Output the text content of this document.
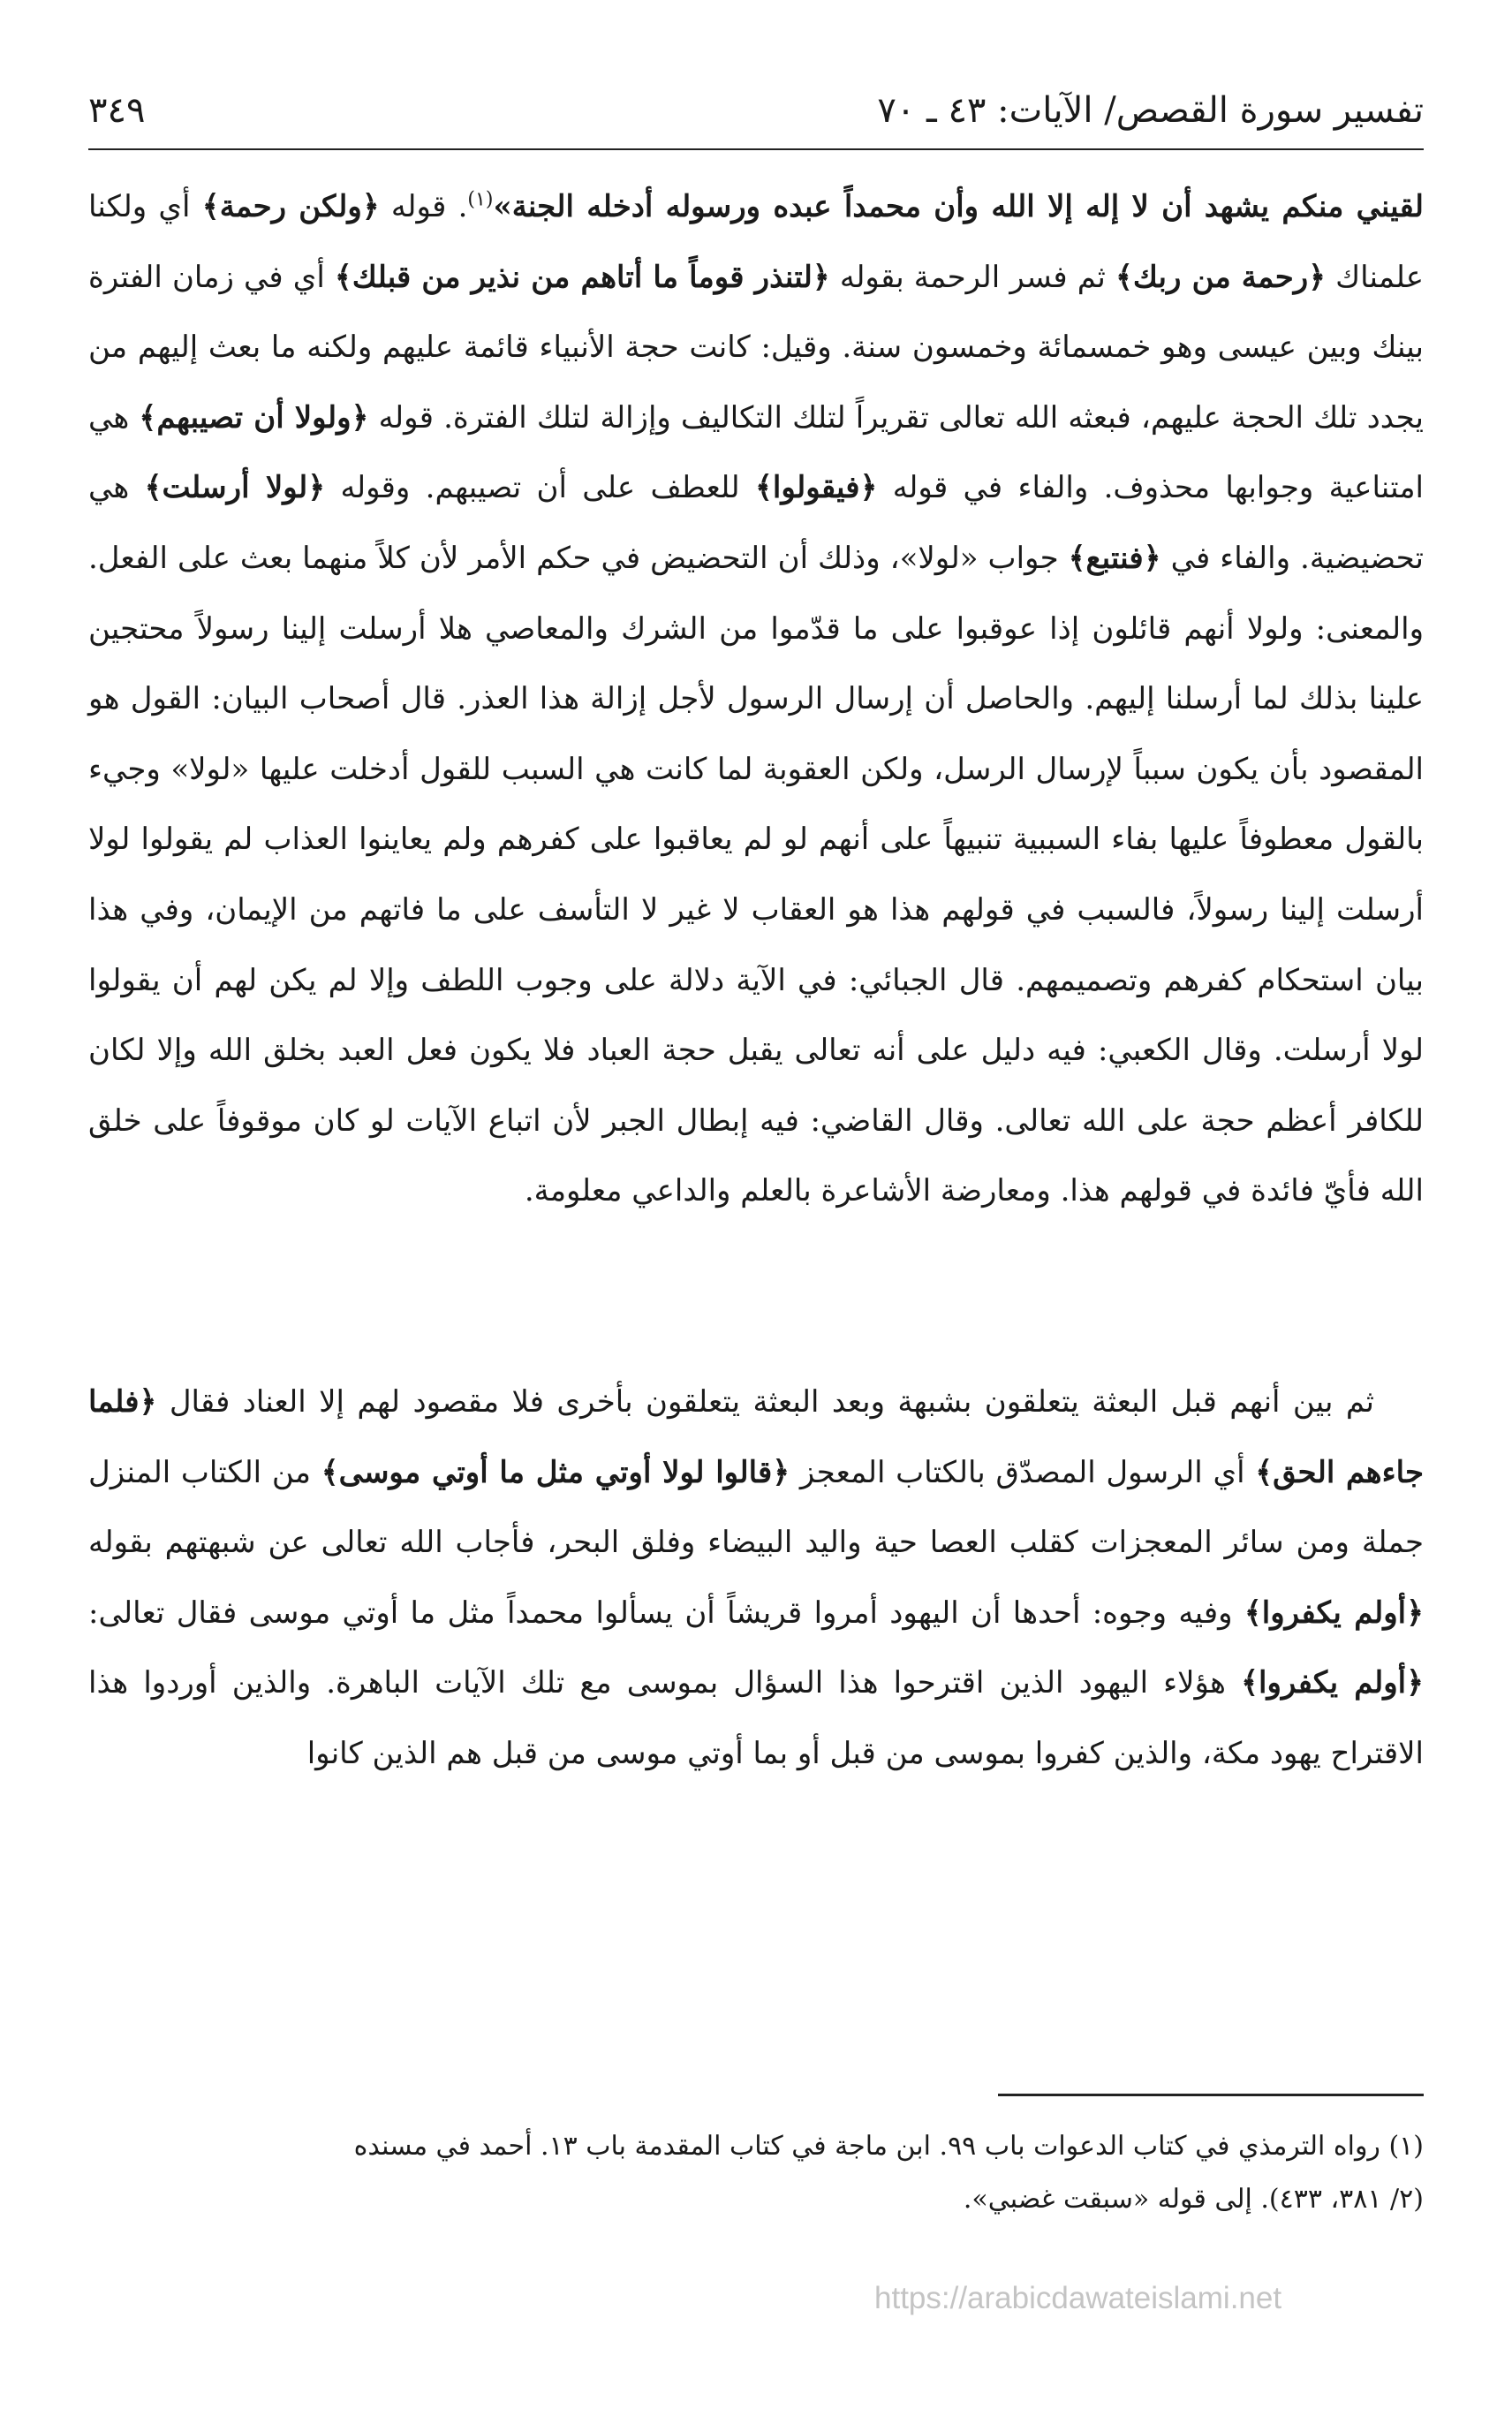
تفسير سورة القصص/ الآيات: ٤٣ ـ ٧٠
٣٤٩

لقيني منكم يشهد أن لا إله إلا الله وأن محمداً عبده ورسوله أدخله الجنة»$^{(١)}$. قوله ﴿ولكن رحمة﴾ أي ولكنا علمناك ﴿رحمة من ربك﴾ ثم فسر الرحمة بقوله ﴿لتنذر قوماً ما أتاهم من نذير من قبلك﴾ أي في زمان الفترة بينك وبين عيسى وهو خمسمائة وخمسون سنة. وقيل: كانت حجة الأنبياء قائمة عليهم ولكنه ما بعث إليهم من يجدد تلك الحجة عليهم، فبعثه الله تعالى تقريراً لتلك التكاليف وإزالة لتلك الفترة. قوله ﴿ولولا أن تصيبهم﴾ هي امتناعية وجوابها محذوف. والفاء في قوله ﴿فيقولوا﴾ للعطف على أن تصيبهم. وقوله ﴿لولا أرسلت﴾ هي تحضيضية. والفاء في ﴿فنتبع﴾ جواب «لولا»، وذلك أن التحضيض في حكم الأمر لأن كلاً منهما بعث على الفعل. والمعنى: ولولا أنهم قائلون إذا عوقبوا على ما قدّموا من الشرك والمعاصي هلا أرسلت إلينا رسولاً محتجين علينا بذلك لما أرسلنا إليهم. والحاصل أن إرسال الرسول لأجل إزالة هذا العذر. قال أصحاب البيان: القول هو المقصود بأن يكون سبباً لإرسال الرسل، ولكن العقوبة لما كانت هي السبب للقول أدخلت عليها «لولا» وجيء بالقول معطوفاً عليها بفاء السببية تنبيهاً على أنهم لو لم يعاقبوا على كفرهم ولم يعاينوا العذاب لم يقولوا لولا أرسلت إلينا رسولاً، فالسبب في قولهم هذا هو العقاب لا غير لا التأسف على ما فاتهم من الإيمان، وفي هذا بيان استحكام كفرهم وتصميمهم. قال الجبائي: في الآية دلالة على وجوب اللطف وإلا لم يكن لهم أن يقولوا لولا أرسلت. وقال الكعبي: فيه دليل على أنه تعالى يقبل حجة العباد فلا يكون فعل العبد بخلق الله وإلا لكان للكافر أعظم حجة على الله تعالى. وقال القاضي: فيه إبطال الجبر لأن اتباع الآيات لو كان موقوفاً على خلق الله فأيّ فائدة في قولهم هذا. ومعارضة الأشاعرة بالعلم والداعي معلومة.

ثم بين أنهم قبل البعثة يتعلقون بشبهة وبعد البعثة يتعلقون بأخرى فلا مقصود لهم إلا العناد فقال ﴿فلما جاءهم الحق﴾ أي الرسول المصدّق بالكتاب المعجز ﴿قالوا لولا أوتي مثل ما أوتي موسى﴾ من الكتاب المنزل جملة ومن سائر المعجزات كقلب العصا حية واليد البيضاء وفلق البحر، فأجاب الله تعالى عن شبهتهم بقوله ﴿أولم يكفروا﴾ وفيه وجوه: أحدها أن اليهود أمروا قريشاً أن يسألوا محمداً مثل ما أوتي موسى فقال تعالى: ﴿أولم يكفروا﴾ هؤلاء اليهود الذين اقترحوا هذا السؤال بموسى مع تلك الآيات الباهرة. والذين أوردوا هذا الاقتراح يهود مكة، والذين كفروا بموسى من قبل أو بما أوتي موسى من قبل هم الذين كانوا

(١) رواه الترمذي في كتاب الدعوات باب ٩٩. ابن ماجة في كتاب المقدمة باب ١٣. أحمد في مسنده

(٢/ ٣٨١، ٤٣٣). إلى قوله «سبقت غضبي».

https://arabicdawateislami.net
